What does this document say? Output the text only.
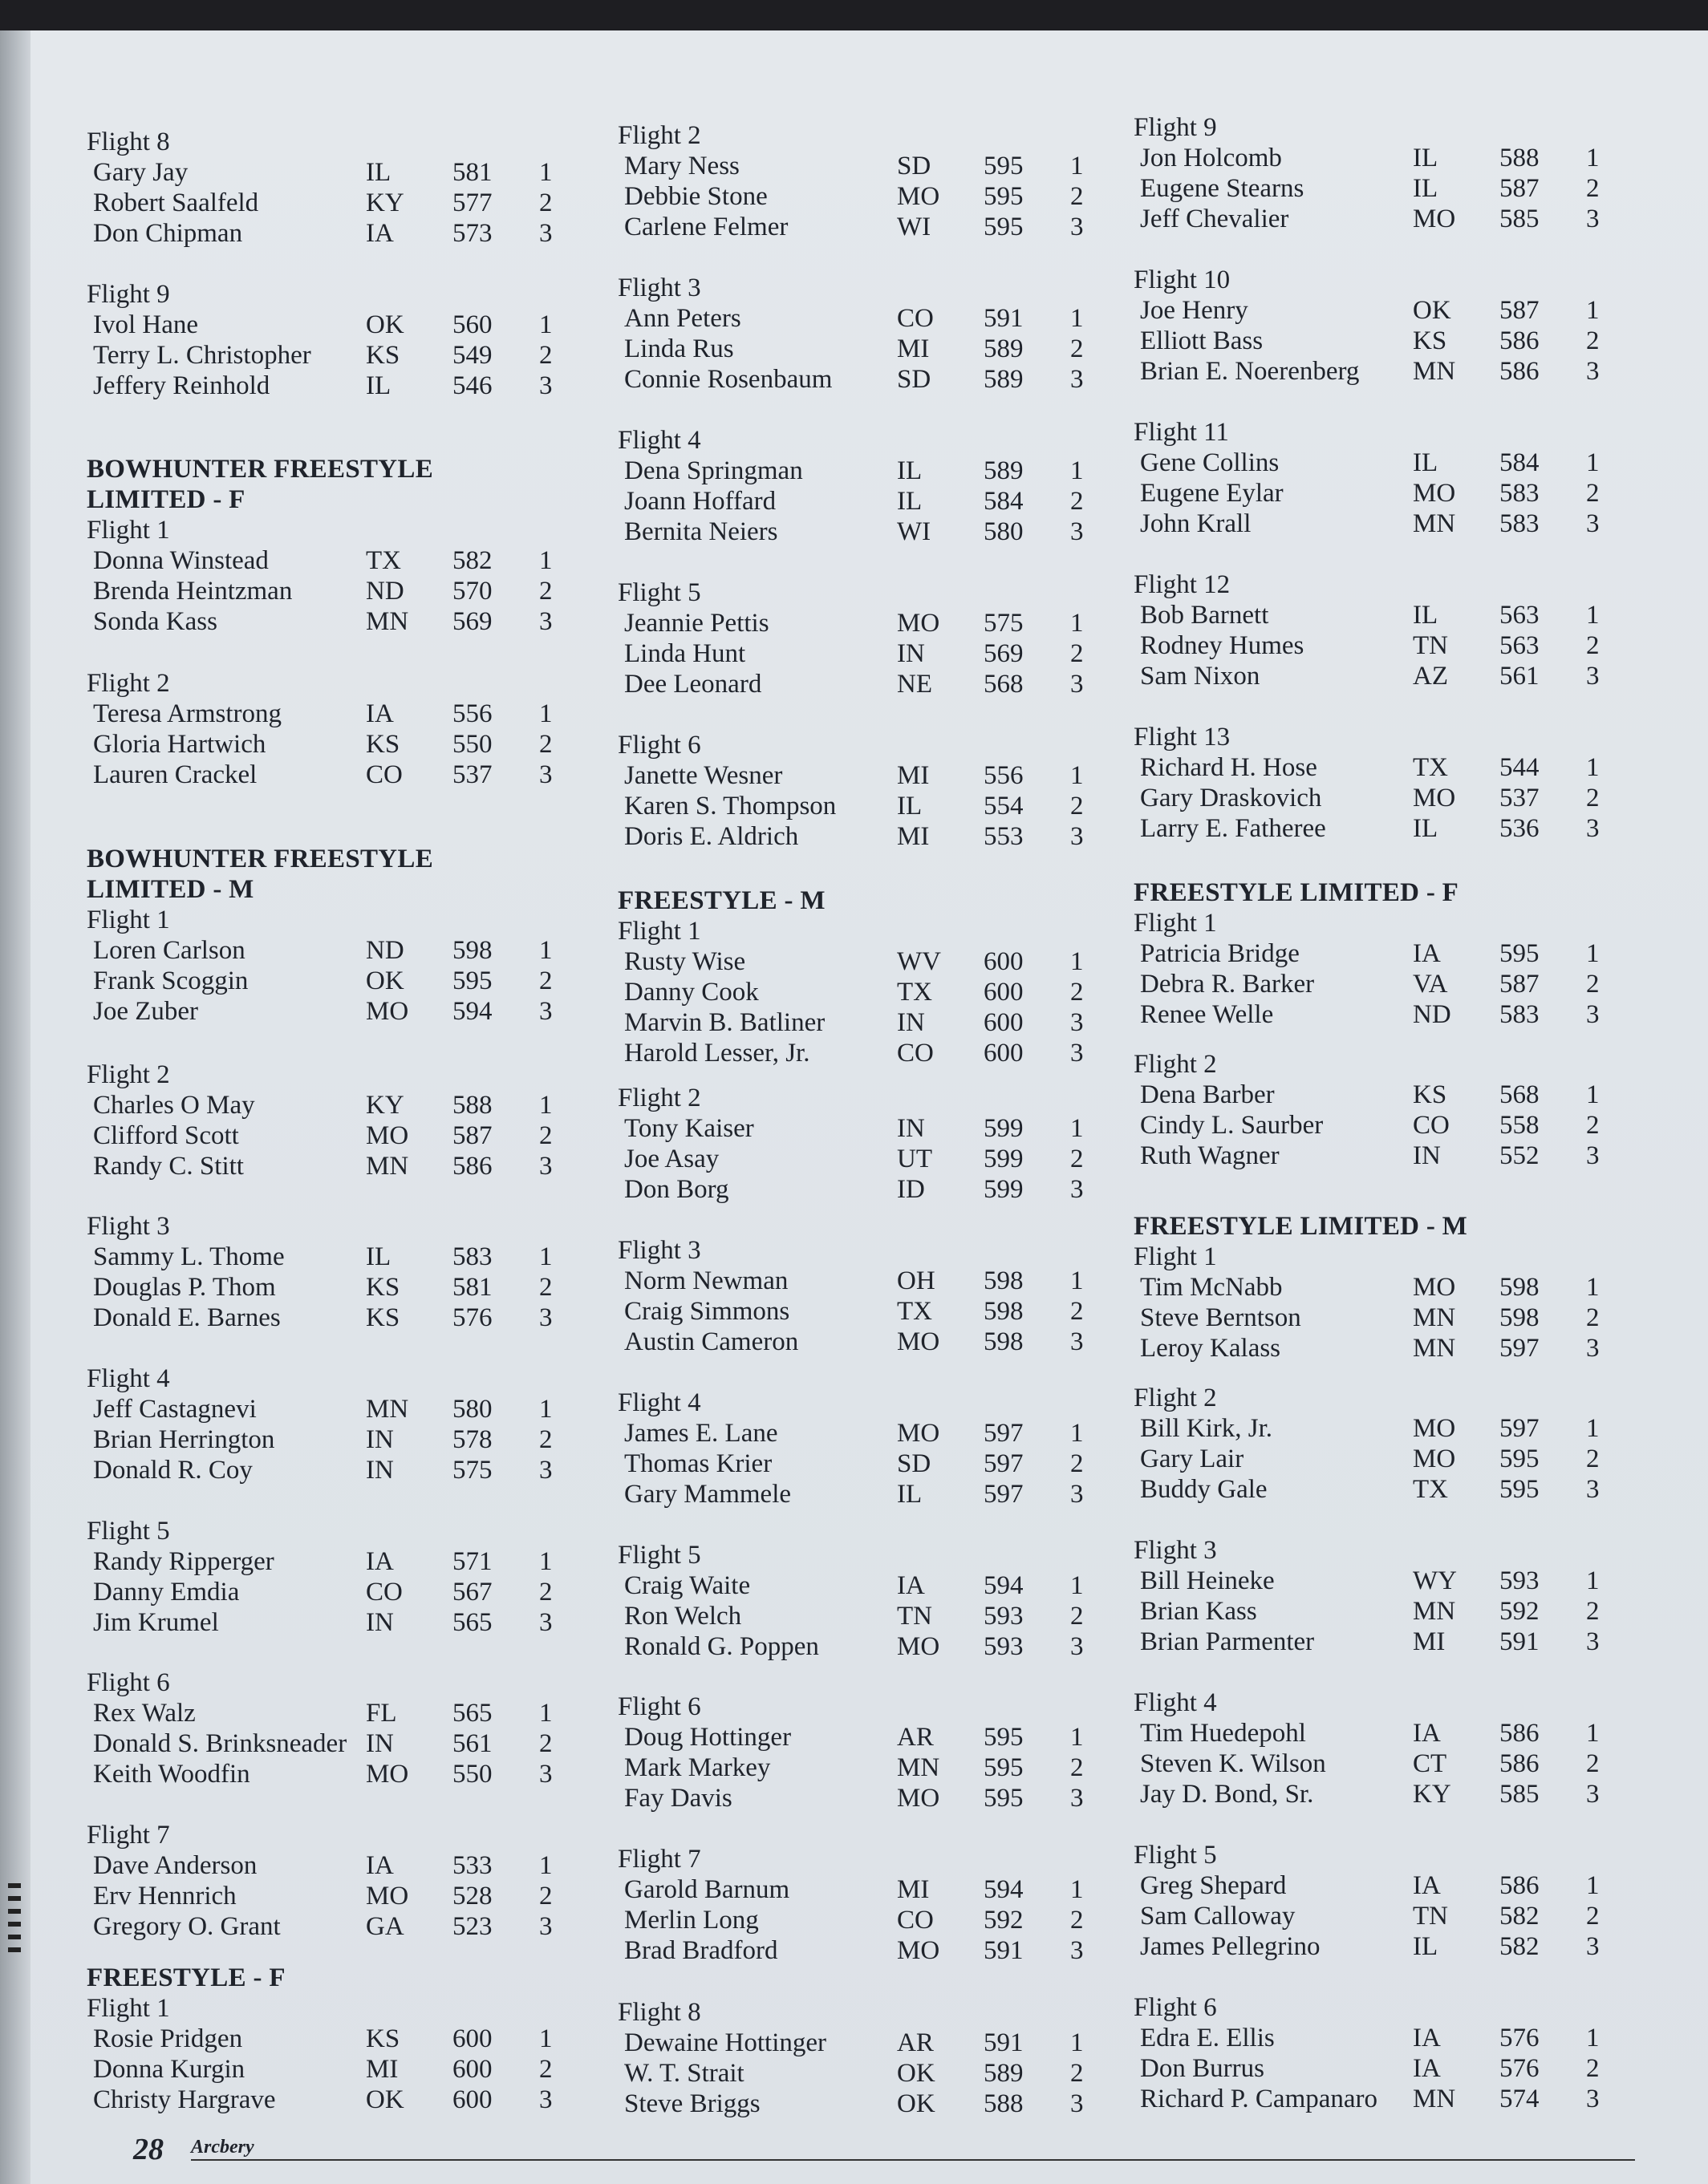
Flight 8
Gary Jay	IL 581 1
Robert Saalfeld	KY 577 2
Don Chipman	IA 573 3
Flight 9
Ivol Hane	OK 560 1
Terry L. Christopher KS 549 2
Jeffery Reinhold	IL 546 3
BOWHUNTER FREESTYLE
LIMITED - F
Flight 1
Donna Winstead	TX 582 1
Brenda Heintzman	ND 570 2
Sonda Kass	MN 569 3
Flight 2
Teresa Armstrong	IA 556 1
Gloria Hartwich	KS 550 2
Lauren Crackel	CO 537 3
BOWHUNTER FREESTYLE
LIMITED - M
Flight 1
Loren Carlson	ND 598 1
Frank Scoggin	OK 595 2
Joe Zuber	MO 594 3
Flight 2
Charles O May	KY 588 1
Clifford Scott	MO 587 2
Randy C. Stitt	MN 586 3
Flight 3
Sammy L. Thome	IL 583 1
Douglas P. Thom	KS 581 2
Donald E. Barnes	KS 576 3
Flight 4
Jeff Castagnevi	MN 580 1
Brian Herrington	IN 578 2
Donald R. Coy	IN 575 3
Flight 5
Randy Ripperger	IA 571 1
Danny Emdia	CO 567 2
Jim Krumel	IN 565 3
Flight 6
Rex Walz	FL 565 1
Donald S. Brinksneader IN 561 2
Keith Woodfin	MO 550 3
Flight 7
Dave Anderson	IA 533 1
Erv Hennrich	MO 528 2
Gregory O. Grant	GA 523 3
FREESTYLE - F
Flight 1
Rosie Pridgen	KS 600 1
Donna Kurgin	MI 600 2
Christy Hargrave	OK 600 3
Flight 2
Mary Ness	SD 595 1
Debbie Stone	MO 595 2
Carlene Felmer	WI 595 3
Flight 3
Ann Peters	CO 591 1
Linda Rus	MI 589 2
Connie Rosenbaum SD 589 3
Flight 4
Dena Springman	IL 589 1
Joann Hoffard	IL 584 2
Bernita Neiers	WI 580 3
Flight 5
Jeannie Pettis	MO 575 1
Linda Hunt	IN 569 2
Dee Leonard	NE 568 3
Flight 6
Janette Wesner	MI 556 1
Karen S. Thompson IL 554 2
Doris E. Aldrich	MI 553 3
FREESTYLE - M
Flight 1
Rusty Wise	WV 600 1
Danny Cook	TX 600 2
Marvin B. Batliner	IN 600 3
Harold Lesser, Jr.	CO 600 3
Flight 2
Tony Kaiser	IN 599 1
Joe Asay	UT 599 2
Don Borg	ID 599 3
Flight 3
Norm Newman	OH 598 1
Craig Simmons	TX 598 2
Austin Cameron	MO 598 3
Flight 4
James E. Lane	MO 597 1
Thomas Krier	SD 597 2
Gary Mammele	IL 597 3
Flight 5
Craig Waite	IA 594 1
Ron Welch	TN 593 2
Ronald G. Poppen	MO 593 3
Flight 6
Doug Hottinger	AR 595 1
Mark Markey	MN 595 2
Fay Davis	MO 595 3
Flight 7
Garold Barnum	MI 594 1
Merlin Long	CO 592 2
Brad Bradford	MO 591 3
Flight 8
Dewaine Hottinger	AR 591 1
W. T. Strait	OK 589 2
Steve Briggs	OK 588 3
Flight 9
Jon Holcomb	IL 588 1
Eugene Stearns	IL 587 2
Jeff Chevalier	MO 585 3
Flight 10
Joe Henry	OK 587 1
Elliott Bass	KS 586 2
Brian E. Noerenberg MN 586 3
Flight 11
Gene Collins	IL 584 1
Eugene Eylar	MO 583 2
John Krall	MN 583 3
Flight 12
Bob Barnett	IL 563 1
Rodney Humes	TN 563 2
Sam Nixon	AZ 561 3
Flight 13
Richard H. Hose	TX 544 1
Gary Draskovich	MO 537 2
Larry E. Fatheree	IL 536 3
FREESTYLE LIMITED - F
Flight 1
Patricia Bridge	IA 595 1
Debra R. Barker	VA 587 2
Renee Welle	ND 583 3
Flight 2
Dena Barber	KS 568 1
Cindy L. Saurber	CO 558 2
Ruth Wagner	IN 552 3
FREESTYLE LIMITED - M
Flight 1
Tim McNabb	MO 598 1
Steve Berntson	MN 598 2
Leroy Kalass	MN 597 3
Flight 2
Bill Kirk, Jr.	MO 597 1
Gary Lair	MO 595 2
Buddy Gale	TX 595 3
Flight 3
Bill Heineke	WY 593 1
Brian Kass	MN 592 2
Brian Parmenter	MI 591 3
Flight 4
Tim Huedepohl	IA 586 1
Steven K. Wilson	CT 586 2
Jay D. Bond, Sr.	KY 585 3
Flight 5
Greg Shepard	IA 586 1
Sam Calloway	TN 582 2
James Pellegrino	IL 582 3
Flight 6
Edra E. Ellis	IA 576 1
Don Burrus	IA 576 2
Richard P. Campanaro MN 574 3
28 Arcbery
